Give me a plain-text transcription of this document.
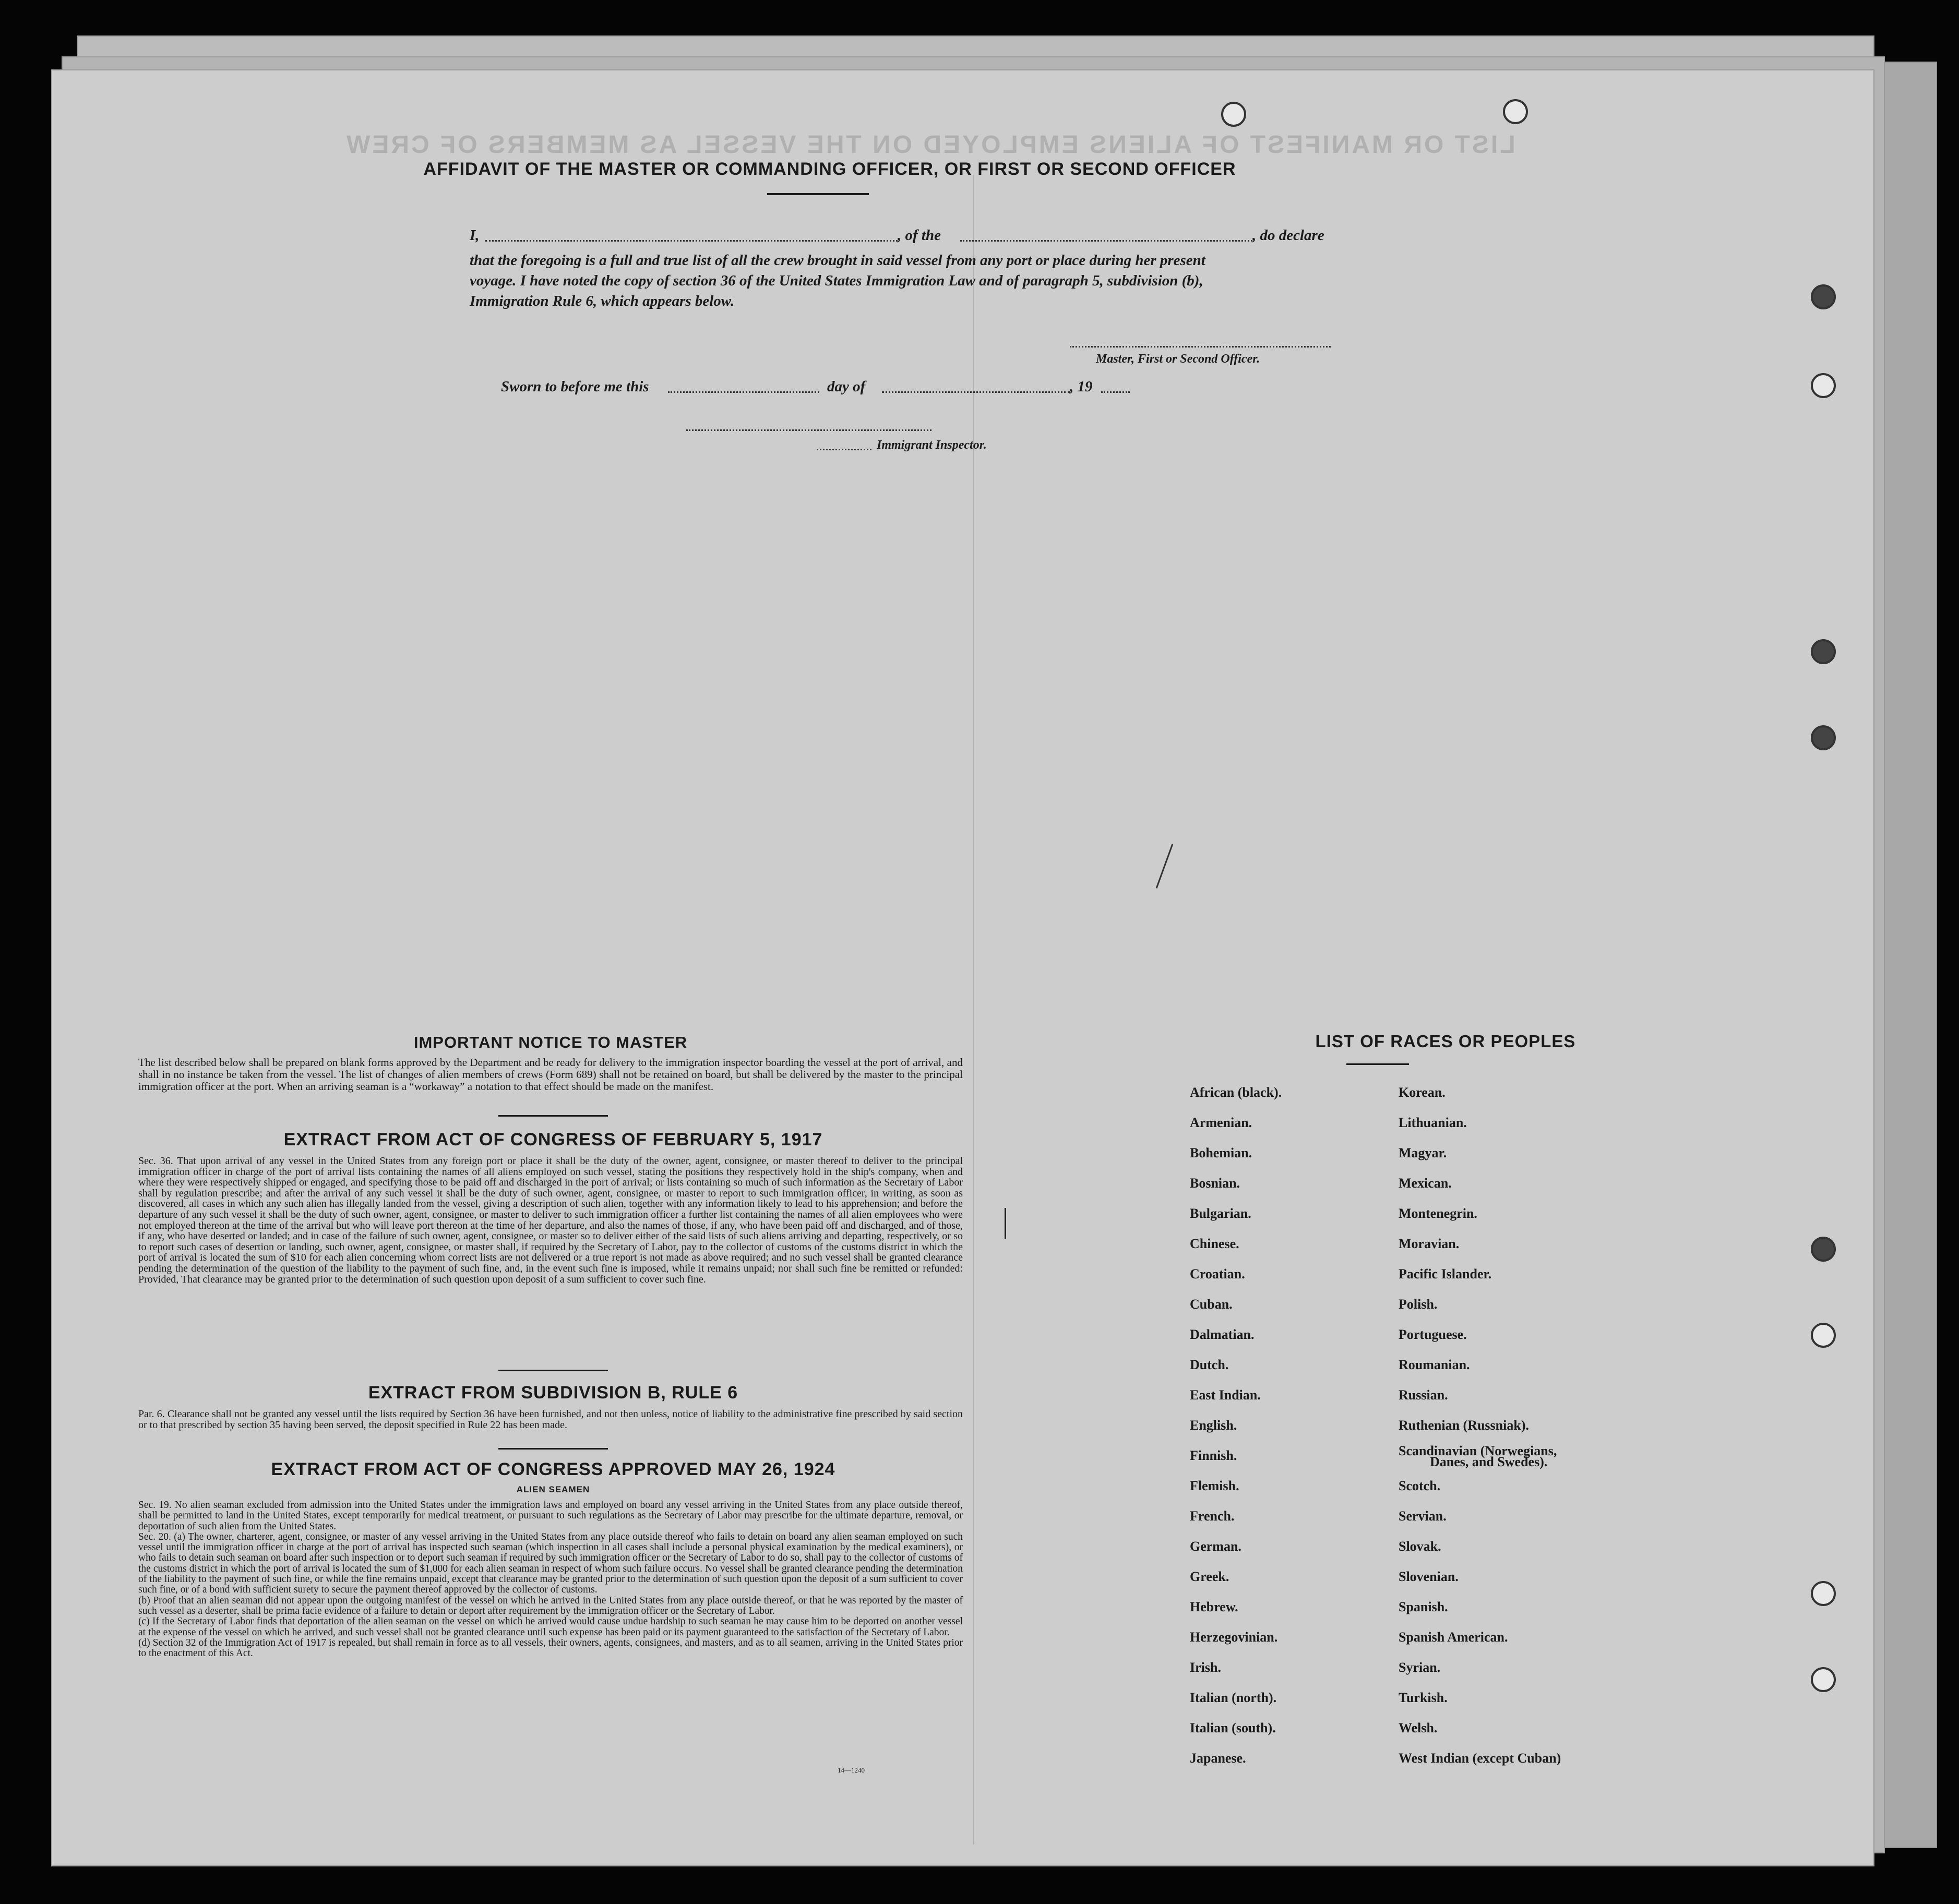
LIST OR MANIFEST OF ALIENS EMPLOYED ON THE VESSEL AS MEMBERS OF CREW
AFFIDAVIT OF THE MASTER OR COMMANDING OFFICER, OR FIRST OR SECOND OFFICER
I,	, of the	, do declare
that the foregoing is a full and true list of all the crew brought in said vessel from any port or place during her present
voyage. I have noted the copy of section 36 of the United States Immigration Law and of paragraph 5, subdivision (b),
Immigration Rule 6, which appears below.
Master, First or Second Officer.
Sworn to before me this	day of	, 19
Immigrant Inspector.
IMPORTANT NOTICE TO MASTER
The list described below shall be prepared on blank forms approved by the Department and be ready for delivery to the immigration inspector boarding the vessel at the port of arrival, and shall in no instance be taken from the vessel. The list of changes of alien members of crews (Form 689) shall not be retained on board, but shall be delivered by the master to the principal immigration officer at the port. When an arriving seaman is a “workaway” a notation to that effect should be made on the manifest.
EXTRACT FROM ACT OF CONGRESS OF FEBRUARY 5, 1917
Sec. 36. That upon arrival of any vessel in the United States from any foreign port or place it shall be the duty of the owner, agent, consignee, or master thereof to deliver to the principal immigration officer in charge of the port of arrival lists containing the names of all aliens employed on such vessel, stating the positions they respectively hold in the ship's company, when and where they were respectively shipped or engaged, and specifying those to be paid off and discharged in the port of arrival; or lists containing so much of such information as the Secretary of Labor shall by regulation prescribe; and after the arrival of any such vessel it shall be the duty of such owner, agent, consignee, or master to report to such immigration officer, in writing, as soon as discovered, all cases in which any such alien has illegally landed from the vessel, giving a description of such alien, together with any information likely to lead to his apprehension; and before the departure of any such vessel it shall be the duty of such owner, agent, consignee, or master to deliver to such immigration officer a further list containing the names of all alien employees who were not employed thereon at the time of the arrival but who will leave port thereon at the time of her departure, and also the names of those, if any, who have been paid off and discharged, and of those, if any, who have deserted or landed; and in case of the failure of such owner, agent, consignee, or master so to deliver either of the said lists of such aliens arriving and departing, respectively, or so to report such cases of desertion or landing, such owner, agent, consignee, or master shall, if required by the Secretary of Labor, pay to the collector of customs of the customs district in which the port of arrival is located the sum of $10 for each alien concerning whom correct lists are not delivered or a true report is not made as above required; and no such vessel shall be granted clearance pending the determination of the question of the liability to the payment of such fine, and, in the event such fine is imposed, while it remains unpaid; nor shall such fine be remitted or refunded: Provided, That clearance may be granted prior to the determination of such question upon deposit of a sum sufficient to cover such fine.
EXTRACT FROM SUBDIVISION B, RULE 6
Par. 6. Clearance shall not be granted any vessel until the lists required by Section 36 have been furnished, and not then unless, notice of liability to the administrative fine prescribed by said section or to that prescribed by section 35 having been served, the deposit specified in Rule 22 has been made.
EXTRACT FROM ACT OF CONGRESS APPROVED MAY 26, 1924
ALIEN SEAMEN
Sec. 19. No alien seaman excluded from admission into the United States under the immigration laws and employed on board any vessel arriving in the United States from any place outside thereof, shall be permitted to land in the United States, except temporarily for medical treatment, or pursuant to such regulations as the Secretary of Labor may prescribe for the ultimate departure, removal, or deportation of such alien from the United States.
Sec. 20. (a) The owner, charterer, agent, consignee, or master of any vessel arriving in the United States from any place outside thereof who fails to detain on board any alien seaman employed on such vessel until the immigration officer in charge at the port of arrival has inspected such seaman (which inspection in all cases shall include a personal physical examination by the medical examiners), or who fails to detain such seaman on board after such inspection or to deport such seaman if required by such immigration officer or the Secretary of Labor to do so, shall pay to the collector of customs of the customs district in which the port of arrival is located the sum of $1,000 for each alien seaman in respect of whom such failure occurs. No vessel shall be granted clearance pending the determination of the liability to the payment of such fine, or while the fine remains unpaid, except that clearance may be granted prior to the determination of such question upon the deposit of a sum sufficient to cover such fine, or of a bond with sufficient surety to secure the payment thereof approved by the collector of customs.
(b) Proof that an alien seaman did not appear upon the outgoing manifest of the vessel on which he arrived in the United States from any place outside thereof, or that he was reported by the master of such vessel as a deserter, shall be prima facie evidence of a failure to detain or deport after requirement by the immigration officer or the Secretary of Labor.
(c) If the Secretary of Labor finds that deportation of the alien seaman on the vessel on which he arrived would cause undue hardship to such seaman he may cause him to be deported on another vessel at the expense of the vessel on which he arrived, and such vessel shall not be granted clearance until such expense has been paid or its payment guaranteed to the satisfaction of the Secretary of Labor.
(d) Section 32 of the Immigration Act of 1917 is repealed, but shall remain in force as to all vessels, their owners, agents, consignees, and masters, and as to all seamen, arriving in the United States prior to the enactment of this Act.
14—1240
LIST OF RACES OR PEOPLES
African (black).
Armenian.
Bohemian.
Bosnian.
Bulgarian.
Chinese.
Croatian.
Cuban.
Dalmatian.
Dutch.
East Indian.
English.
Finnish.
Flemish.
French.
German.
Greek.
Hebrew.
Herzegovinian.
Irish.
Italian (north).
Italian (south).
Japanese.
Korean.
Lithuanian.
Magyar.
Mexican.
Montenegrin.
Moravian.
Pacific Islander.
Polish.
Portuguese.
Roumanian.
Russian.
Ruthenian (Russniak).
Scandinavian (Norwegians,
Danes, and Swedes).
Scotch.
Servian.
Slovak.
Slovenian.
Spanish.
Spanish American.
Syrian.
Turkish.
Welsh.
West Indian (except Cuban)
